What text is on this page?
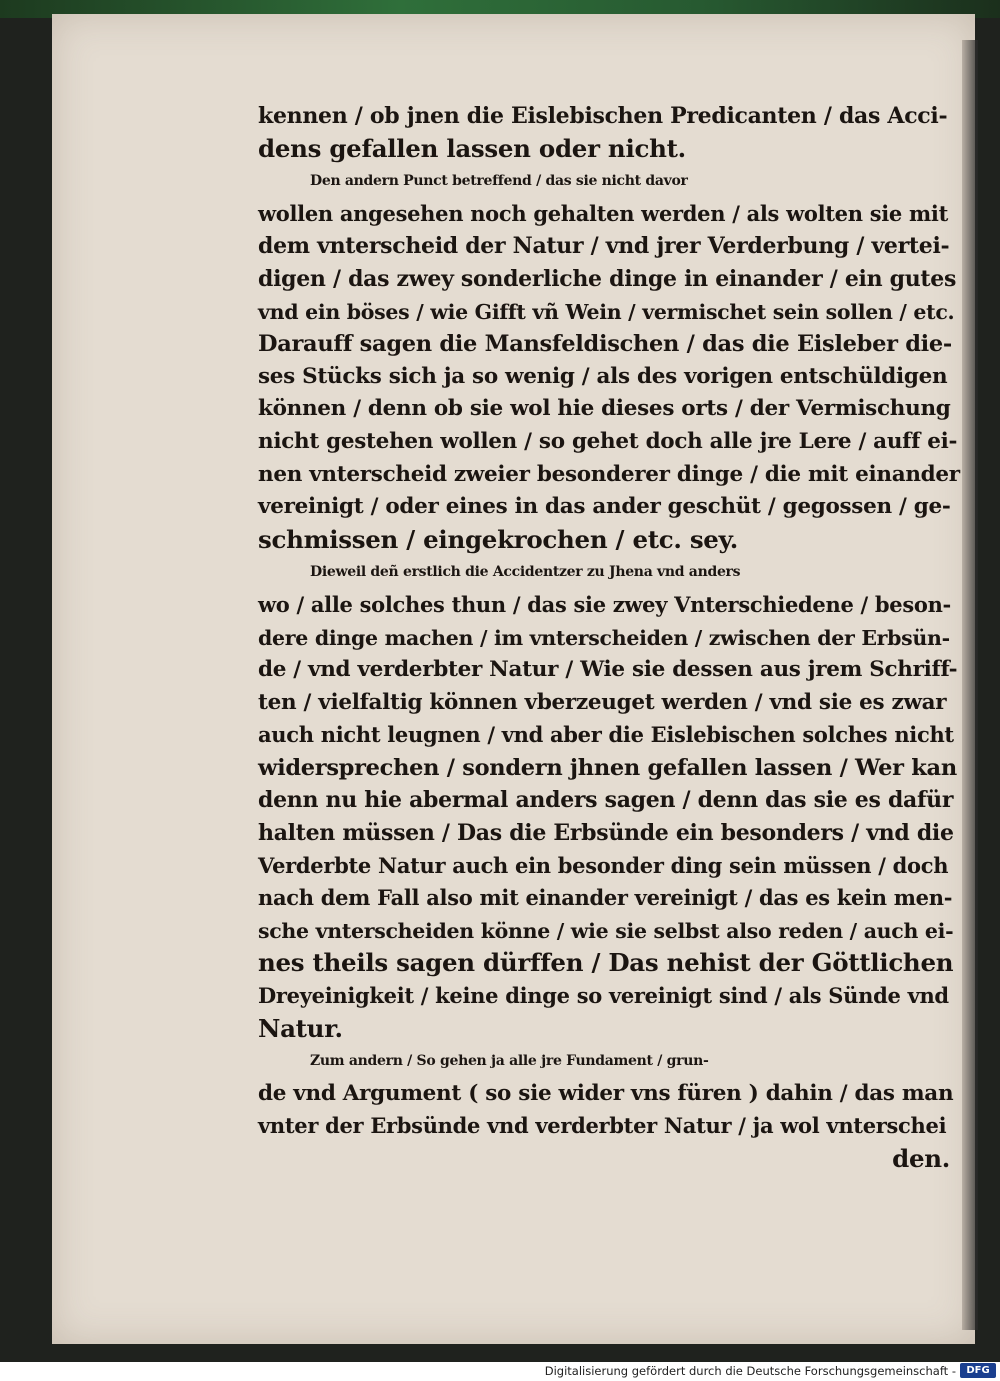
kennen / ob jnen die Eislebischen Predicanten / das Acci-
dens gefallen lassen oder nicht.
Den andern Punct betreffend / das sie nicht davor
wollen angesehen noch gehalten werden / als wolten sie mit
dem vnterscheid der Natur / vnd jrer Verderbung / vertei-
digen / das zwey sonderliche dinge in einander / ein gutes
vnd ein böses / wie Gifft vñ Wein / vermischet sein sollen / etc.
Darauff sagen die Mansfeldischen / das die Eisleber die-
ses Stücks sich ja so wenig / als des vorigen entschüldigen
können / denn ob sie wol hie dieses orts / der Vermischung
nicht gestehen wollen / so gehet doch alle jre Lere / auff ei-
nen vnterscheid zweier besonderer dinge / die mit einander
vereinigt / oder eines in das ander geschüt / gegossen / ge-
schmissen / eingekrochen / etc. sey.
Dieweil deñ erstlich die Accidentzer zu Jhena vnd anders
wo / alle solches thun / das sie zwey Vnterschiedene / beson-
dere dinge machen / im vnterscheiden / zwischen der Erbsün-
de / vnd verderbter Natur / Wie sie dessen aus jrem Schriff-
ten / vielfaltig können vberzeuget werden / vnd sie es zwar
auch nicht leugnen / vnd aber die Eislebischen solches nicht
widersprechen / sondern jhnen gefallen lassen / Wer kan
denn nu hie abermal anders sagen / denn das sie es dafür
halten müssen / Das die Erbsünde ein besonders / vnd die
Verderbte Natur auch ein besonder ding sein müssen / doch
nach dem Fall also mit einander vereinigt / das es kein men-
sche vnterscheiden könne / wie sie selbst also reden / auch ei-
nes theils sagen dürffen / Das nehist der Göttlichen
Dreyeinigkeit / keine dinge so vereinigt sind / als Sünde vnd
Natur.
Zum andern / So gehen ja alle jre Fundament / grun-
de vnd Argument ( so sie wider vns füren ) dahin / das man
vnter der Erbsünde vnd verderbter Natur / ja wol vnterschei
den.
Digitalisierung gefördert durch die Deutsche Forschungsgemeinschaft -	DFG
